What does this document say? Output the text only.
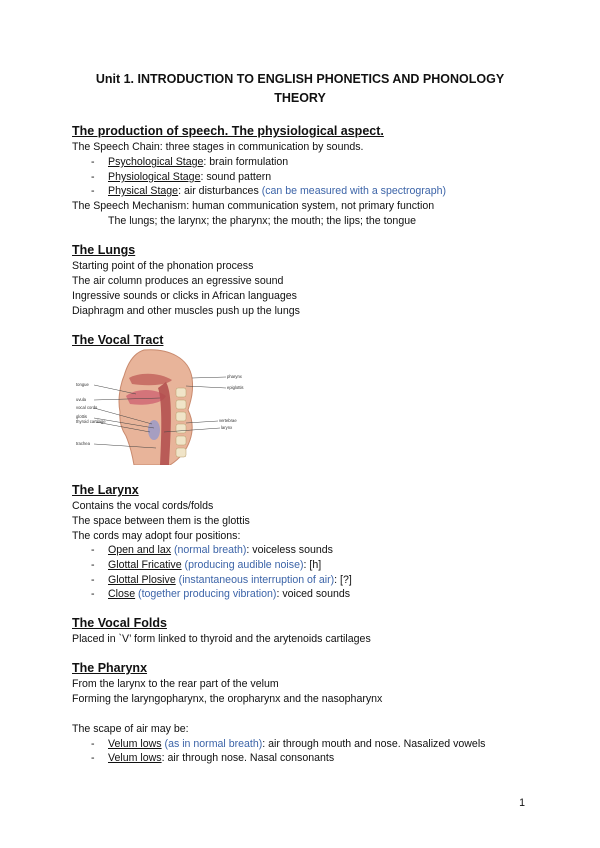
Unit 1. INTRODUCTION TO ENGLISH PHONETICS AND PHONOLOGY
THEORY
The production of speech. The physiological aspect.
The Speech Chain: three stages in communication by sounds.
- Psychological Stage: brain formulation
- Physiological Stage: sound pattern
- Physical Stage: air disturbances (can be measured with a spectrograph)
The Speech Mechanism: human communication system, not primary function
The lungs; the larynx; the pharynx; the mouth; the lips; the tongue
The Lungs
Starting point of the phonation process
The air column produces an egressive sound
Ingressive sounds or clicks in African languages
Diaphragm and other muscles push up the lungs
The Vocal Tract
tongue
uvula
vocal cords
glottis
thyroid cartilage
trachea
pharynx
epiglottis
vertebrae
larynx
The Larynx
Contains the vocal cords/folds
The space between them is the glottis
The cords may adopt four positions:
- Open and lax (normal breath): voiceless sounds
- Glottal Fricative (producing audible noise): [h]
- Glottal Plosive (instantaneous interruption of air): [?]
- Close (together producing vibration): voiced sounds
The Vocal Folds
Placed in `V’ form linked to thyroid and the arytenoids cartilages
The Pharynx
From the larynx to the rear part of the velum
Forming the laryngopharynx, the oropharynx and the nasopharynx
The scape of air may be:
- Velum lows (as in normal breath): air through mouth and nose. Nasalized vowels
- Velum lows: air through nose. Nasal consonants
1
